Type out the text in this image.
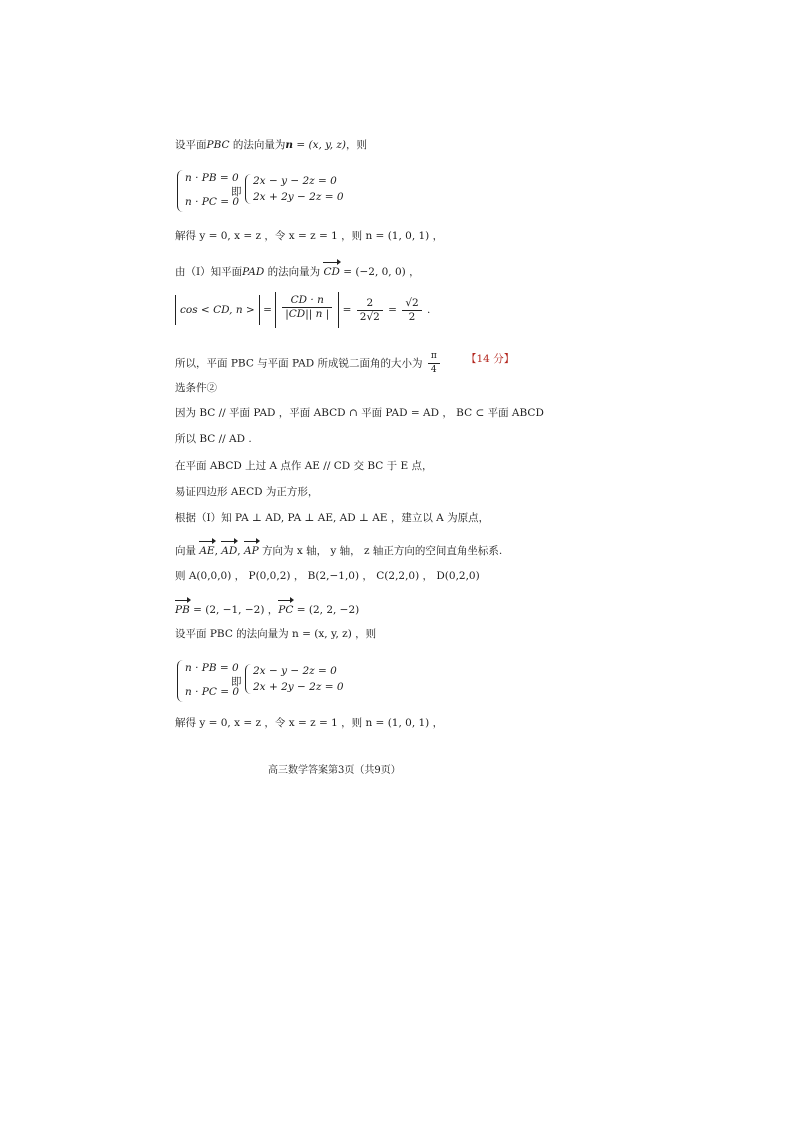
设平面PBC 的法向量为n = (x, y, z)，则
n · PB = 0
n · PC = 0
即
2x − y − 2z = 0
2x + 2y − 2z = 0
解得 y = 0, x = z ，令 x = z = 1 ，则 n = (1, 0, 1) ，
由（Ⅰ）知平面PAD 的法向量为 CD = (−2, 0, 0) ，
cos < CD, n > = $\frac{CD \cdot n}{|CD|| n |} = \frac{2}{2√2} = \frac{√2}{2}$ .
所以，平面 PBC 与平面 PAD 所成锐二面角的大小为 $\frac{\pi}{4}$	【14 分】
选条件②
因为 BC // 平面 PAD ，平面 ABCD ∩ 平面 PAD = AD ， BC ⊂ 平面 ABCD
所以 BC // AD .
在平面 ABCD 上过 A 点作 AE // CD 交 BC 于 E 点，
易证四边形 AECD 为正方形，
根据（Ⅰ）知 PA ⊥ AD, PA ⊥ AE, AD ⊥ AE ，建立以 A 为原点，
向量 AE, AD, AP 方向为 x 轴， y 轴， z 轴正方向的空间直角坐标系.
则 A(0,0,0) ， P(0,0,2) ， B(2,−1,0) ， C(2,2,0) ， D(0,2,0)
PB = (2, −1, −2) ，PC = (2, 2, −2)
设平面 PBC 的法向量为 n = (x, y, z) ，则
n · PB = 0
n · PC = 0
即
2x − y − 2z = 0
2x + 2y − 2z = 0
解得 y = 0, x = z ，令 x = z = 1 ，则 n = (1, 0, 1) ，
高三数学答案第3页（共9页）
